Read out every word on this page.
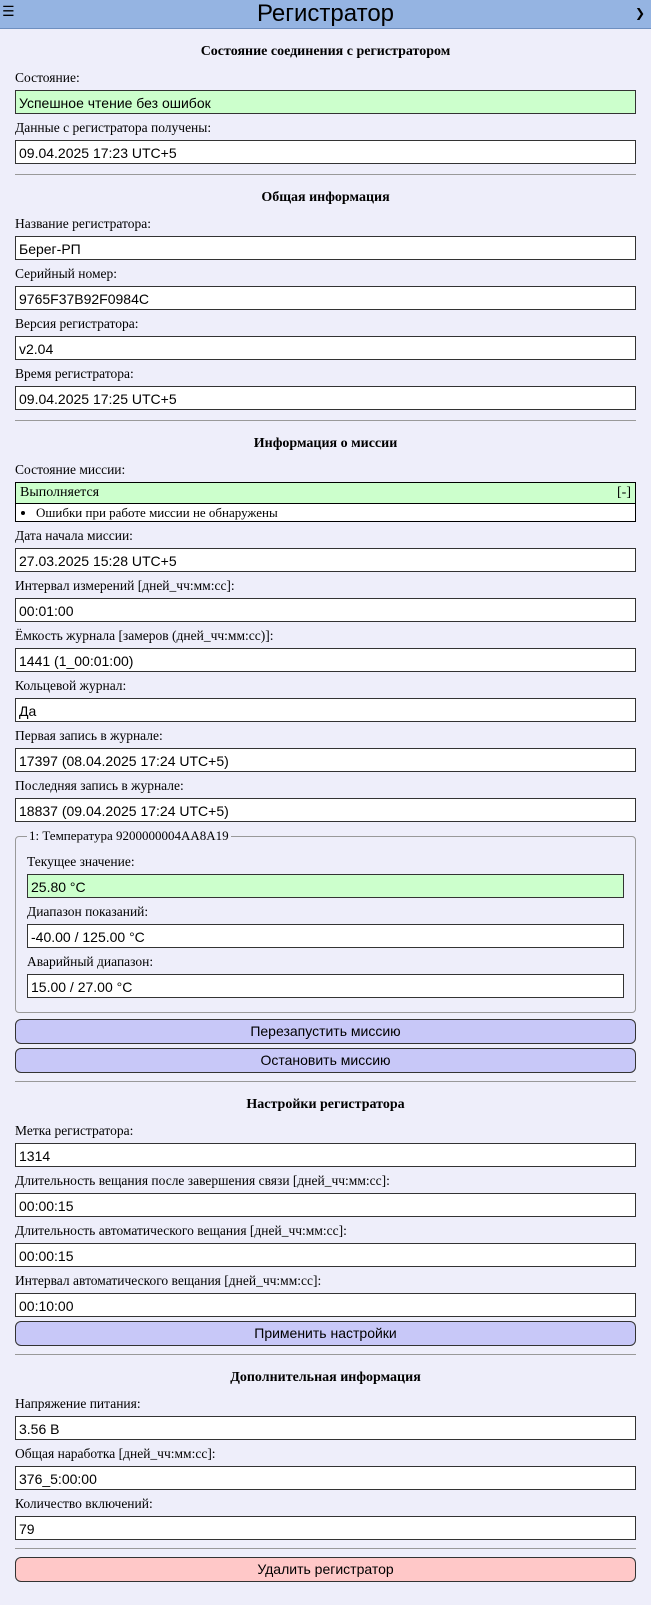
☰	Регистратор	❯
Состояние соединения с регистратором
Состояние:
Успешное чтение без ошибок
Данные с регистратора получены:
09.04.2025 17:23 UTC+5
Общая информация
Название регистратора:
Берег-РП
Серийный номер:
9765F37B92F0984C
Версия регистратора:
v2.04
Время регистратора:
09.04.2025 17:25 UTC+5
Информация о миссии
Состояние миссии:
Выполняется	[-]
• Ошибки при работе миссии не обнаружены
Дата начала миссии:
27.03.2025 15:28 UTC+5
Интервал измерений [дней_чч:мм:сс]:
00:01:00
Ёмкость журнала [замеров (дней_чч:мм:сс)]:
1441 (1_00:01:00)
Кольцевой журнал:
Да
Первая запись в журнале:
17397 (08.04.2025 17:24 UTC+5)
Последняя запись в журнале:
18837 (09.04.2025 17:24 UTC+5)
1: Температура 9200000004AA8A19
Текущее значение:
25.80 °C
Диапазон показаний:
-40.00 / 125.00 °C
Аварийный диапазон:
15.00 / 27.00 °C
Перезапустить миссию
Остановить миссию
Настройки регистратора
Метка регистратора:
1314
Длительность вещания после завершения связи [дней_чч:мм:сс]:
00:00:15
Длительность автоматического вещания [дней_чч:мм:сс]:
00:00:15
Интервал автоматического вещания [дней_чч:мм:сс]:
00:10:00
Применить настройки
Дополнительная информация
Напряжение питания:
3.56 В
Общая наработка [дней_чч:мм:сс]:
376_5:00:00
Количество включений:
79
Удалить регистратор
